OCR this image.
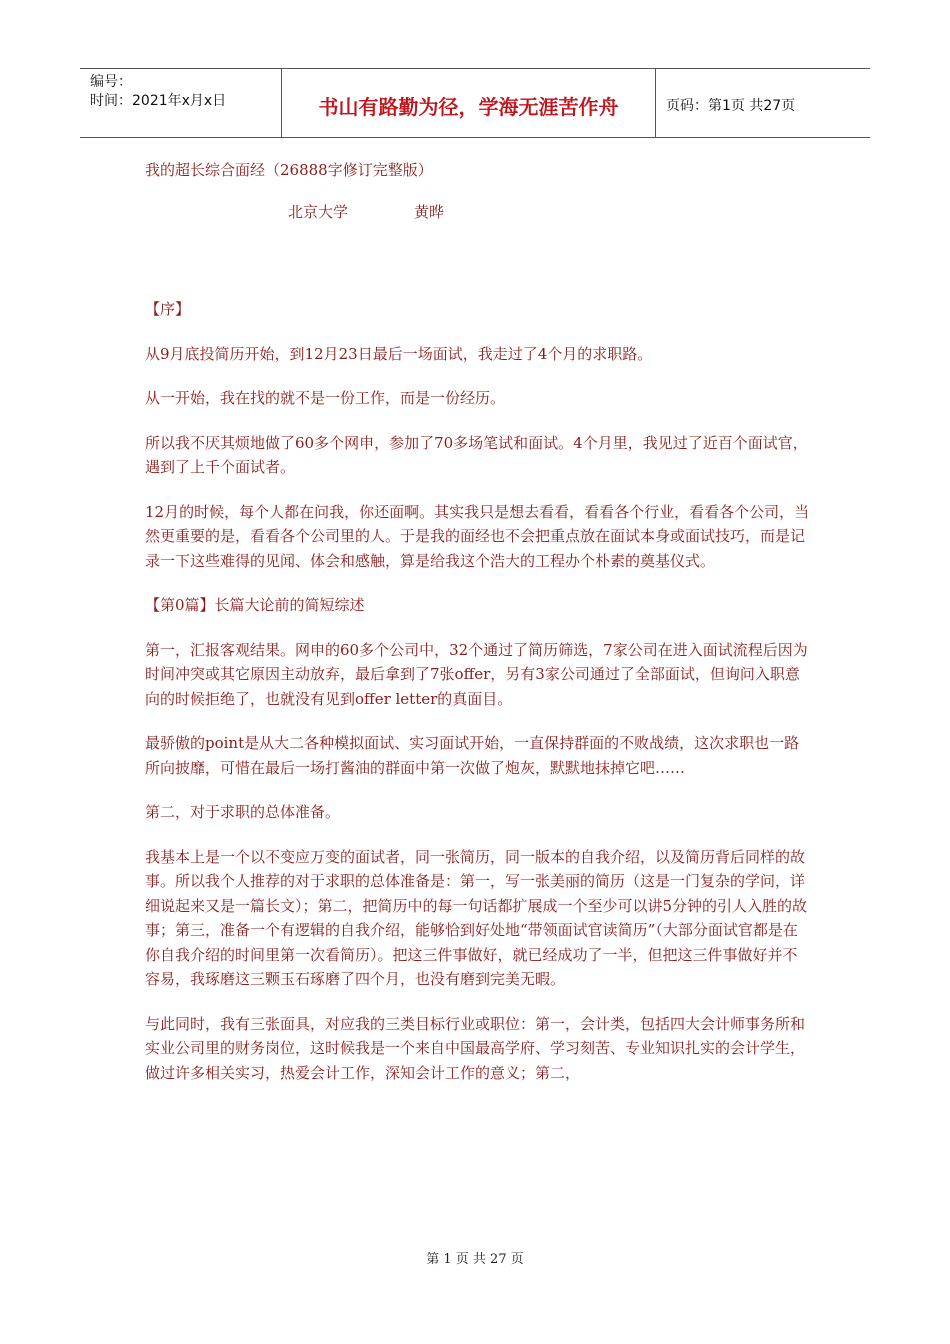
编号：
时间：2021年x月x日	书山有路勤为径，学海无涯苦作舟	页码：第1页 共27页

我的超长综合面经（26888字修订完整版）

北京大学	黄晔

【序】

从9月底投简历开始，到12月23日最后一场面试，我走过了4个月的求职路。

从一开始，我在找的就不是一份工作，而是一份经历。

所以我不厌其烦地做了60多个网申，参加了70多场笔试和面试。4个月里，我见过了近百个面试官，遇到了上千个面试者。

12月的时候，每个人都在问我，你还面啊。其实我只是想去看看，看看各个行业，看看各个公司，当然更重要的是，看看各个公司里的人。于是我的面经也不会把重点放在面试本身或面试技巧，而是记录一下这些难得的见闻、体会和感触，算是给我这个浩大的工程办个朴素的奠基仪式。

【第0篇】长篇大论前的简短综述

第一，汇报客观结果。网申的60多个公司中，32个通过了简历筛选，7家公司在进入面试流程后因为时间冲突或其它原因主动放弃，最后拿到了7张offer，另有3家公司通过了全部面试，但询问入职意向的时候拒绝了，也就没有见到offer letter的真面目。

最骄傲的point是从大二各种模拟面试、实习面试开始，一直保持群面的不败战绩，这次求职也一路所向披靡，可惜在最后一场打酱油的群面中第一次做了炮灰，默默地抹掉它吧……

第二，对于求职的总体准备。

我基本上是一个以不变应万变的面试者，同一张简历，同一版本的自我介绍，以及简历背后同样的故事。所以我个人推荐的对于求职的总体准备是：第一，写一张美丽的简历（这是一门复杂的学问，详细说起来又是一篇长文）；第二，把简历中的每一句话都扩展成一个至少可以讲5分钟的引人入胜的故事；第三，准备一个有逻辑的自我介绍，能够恰到好处地“带领面试官读简历”（大部分面试官都是在你自我介绍的时间里第一次看简历）。把这三件事做好，就已经成功了一半，但把这三件事做好并不容易，我琢磨这三颗玉石琢磨了四个月，也没有磨到完美无暇。

与此同时，我有三张面具，对应我的三类目标行业或职位：第一，会计类，包括四大会计师事务所和实业公司里的财务岗位，这时候我是一个来自中国最高学府、学习刻苦、专业知识扎实的会计学生，做过许多相关实习，热爱会计工作，深知会计工作的意义；第二，

第 1 页 共 27 页
